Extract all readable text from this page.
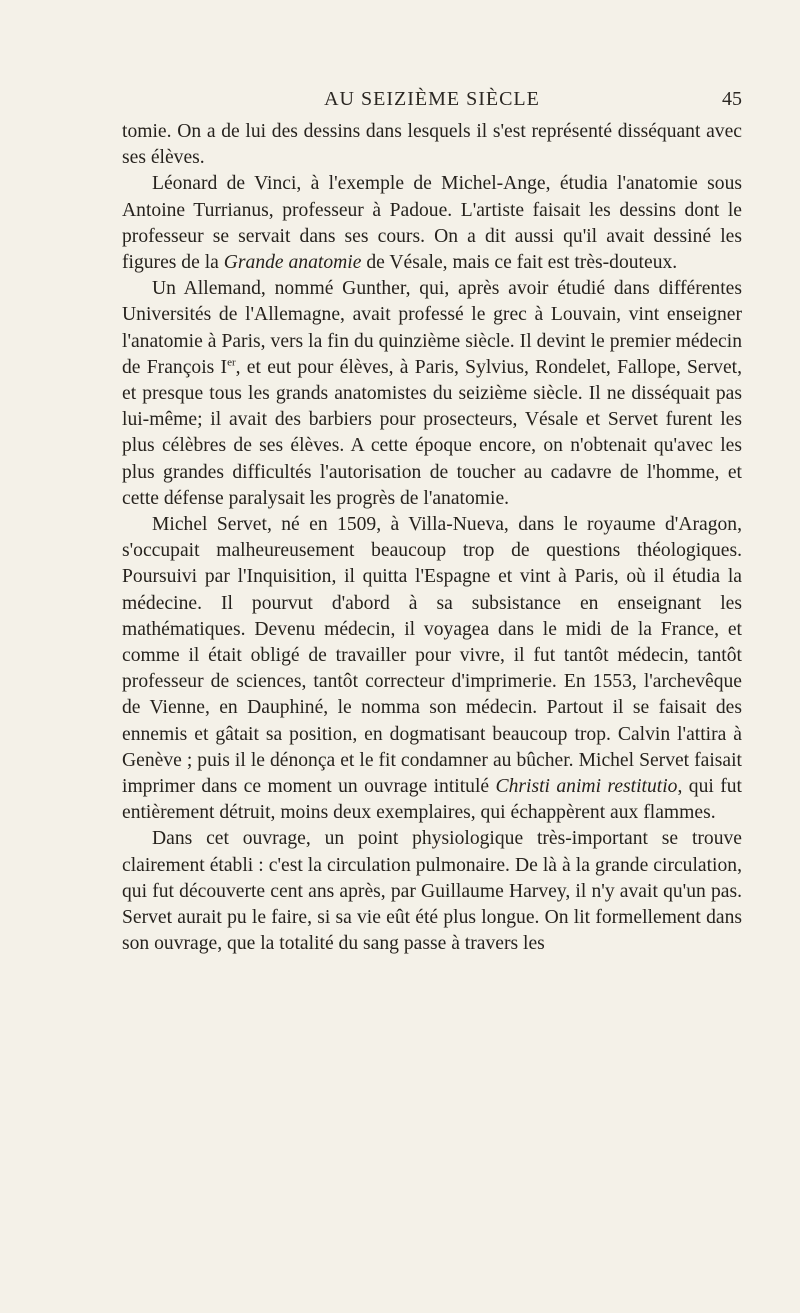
AU SEIZIÈME SIÈCLE	45

tomie. On a de lui des dessins dans lesquels il s'est représenté disséquant avec ses élèves.

Léonard de Vinci, à l'exemple de Michel-Ange, étudia l'anatomie sous Antoine Turrianus, professeur à Padoue. L'artiste faisait les dessins dont le professeur se servait dans ses cours. On a dit aussi qu'il avait dessiné les figures de la Grande anatomie de Vésale, mais ce fait est très-douteux.

Un Allemand, nommé Gunther, qui, après avoir étudié dans différentes Universités de l'Allemagne, avait professé le grec à Louvain, vint enseigner l'anatomie à Paris, vers la fin du quinzième siècle. Il devint le premier médecin de François Ier, et eut pour élèves, à Paris, Sylvius, Rondelet, Fallope, Servet, et presque tous les grands anatomistes du seizième siècle. Il ne disséquait pas lui-même; il avait des barbiers pour prosecteurs, Vésale et Servet furent les plus célèbres de ses élèves. A cette époque encore, on n'obtenait qu'avec les plus grandes difficultés l'autorisation de toucher au cadavre de l'homme, et cette défense paralysait les progrès de l'anatomie.

Michel Servet, né en 1509, à Villa-Nueva, dans le royaume d'Aragon, s'occupait malheureusement beaucoup trop de questions théologiques. Poursuivi par l'Inquisition, il quitta l'Espagne et vint à Paris, où il étudia la médecine. Il pourvut d'abord à sa subsistance en enseignant les mathématiques. Devenu médecin, il voyagea dans le midi de la France, et comme il était obligé de travailler pour vivre, il fut tantôt médecin, tantôt professeur de sciences, tantôt correcteur d'imprimerie. En 1553, l'archevêque de Vienne, en Dauphiné, le nomma son médecin. Partout il se faisait des ennemis et gâtait sa position, en dogmatisant beaucoup trop. Calvin l'attira à Genève ; puis il le dénonça et le fit condamner au bûcher. Michel Servet faisait imprimer dans ce moment un ouvrage intitulé Christi animi restitutio, qui fut entièrement détruit, moins deux exemplaires, qui échappèrent aux flammes.

Dans cet ouvrage, un point physiologique très-important se trouve clairement établi : c'est la circulation pulmonaire. De là à la grande circulation, qui fut découverte cent ans après, par Guillaume Harvey, il n'y avait qu'un pas. Servet aurait pu le faire, si sa vie eût été plus longue. On lit formellement dans son ouvrage, que la totalité du sang passe à travers les
